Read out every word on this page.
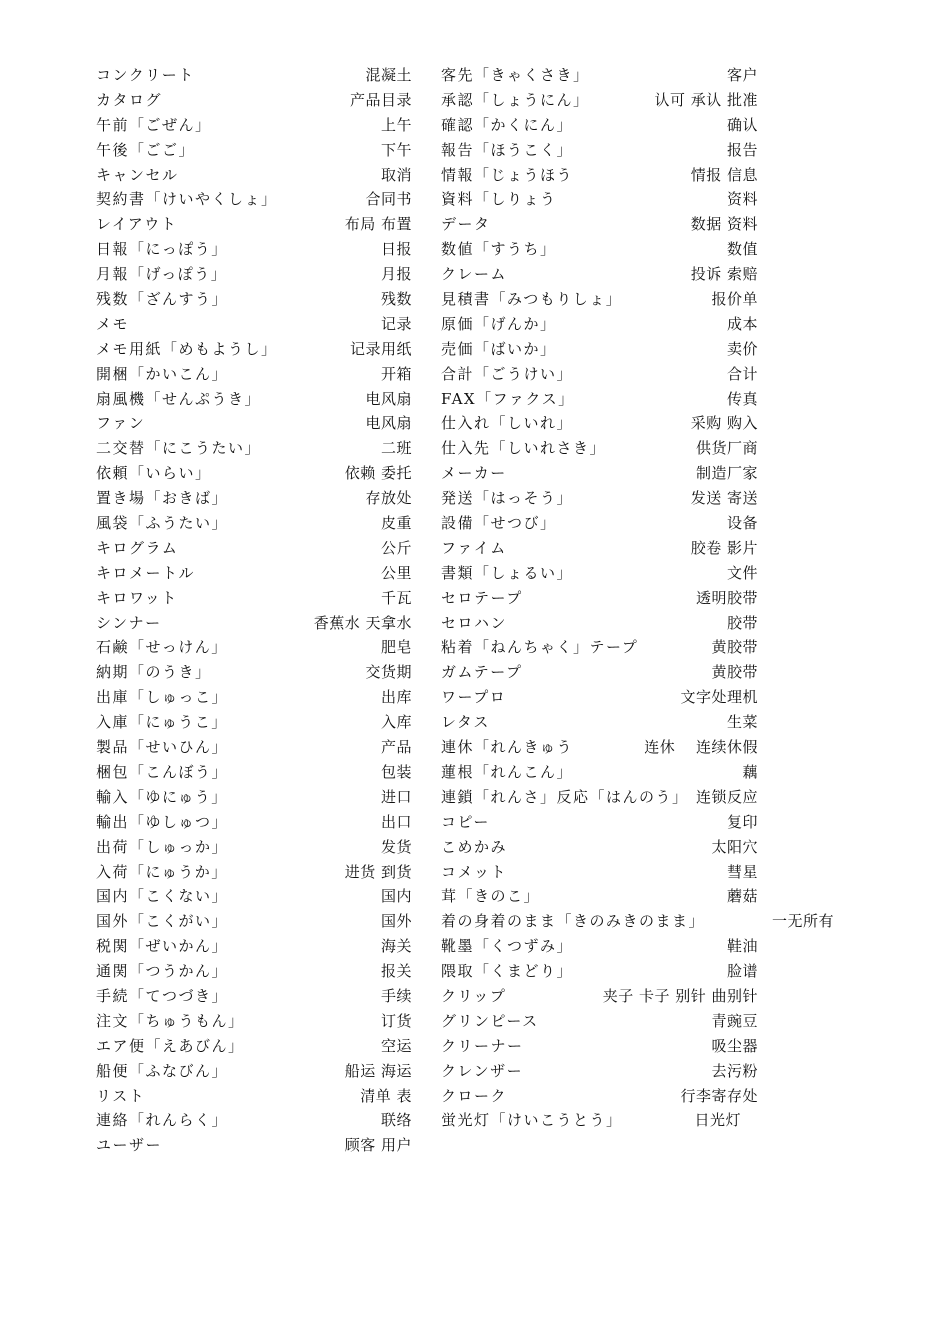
コンクリート	混凝土
カタログ	产品目录
午前「ごぜん」	上午
午後「ごご」	下午
キャンセル	取消
契約書「けいやくしょ」	合同书
レイアウト	布局 布置
日報「にっぽう」	日报
月報「げっぽう」	月报
残数「ざんすう」	残数
メモ	记录
メモ用紙「めもようし」	记录用纸
開梱「かいこん」	开箱
扇風機「せんぷうき」	电风扇
ファン	电风扇
二交替「にこうたい」	二班
依頼「いらい」	依赖 委托
置き場「おきば」	存放处
風袋「ふうたい」	皮重
キログラム	公斤
キロメートル	公里
キロワット	千瓦
シンナー	香蕉水 天拿水
石鹸「せっけん」	肥皂
納期「のうき」	交货期
出庫「しゅっこ」	出库
入庫「にゅうこ」	入库
製品「せいひん」	产品
梱包「こんぼう」	包装
輸入「ゆにゅう」	进口
輸出「ゆしゅつ」	出口
出荷「しゅっか」	发货
入荷「にゅうか」	进货 到货
国内「こくない」	国内
国外「こくがい」	国外
税関「ぜいかん」	海关
通関「つうかん」	报关
手続「てつづき」	手续
注文「ちゅうもん」	订货
エア便「えあびん」	空运
船便「ふなびん」	船运 海运
リスト	清单 表
連絡「れんらく」	联络
ユーザー	顾客 用户
客先「きゃくさき」	客户
承認「しょうにん」	认可 承认 批准
確認「かくにん」	确认
報告「ほうこく」	报告
情報「じょうほう	情报 信息
資料「しりょう	资料
データ	数据 资料
数値「すうち」	数值
クレーム	投诉 索赔
見積書「みつもりしょ」	报价单
原価「げんか」	成本
売価「ばいか」	卖价
合計「ごうけい」	合计
FAX「ファクス」	传真
仕入れ「しいれ」	采购 购入
仕入先「しいれさき」	供货厂商
メーカー	制造厂家
発送「はっそう」	发送 寄送
設備「せつび」	设备
ファイム	胶卷 影片
書類「しょるい」	文件
セロテープ	透明胶带
セロハン	胶带
粘着「ねんちゃく」テープ	黄胶带
ガムテープ	黄胶带
ワープロ	文字处理机
レタス	生菜
連休「れんきゅう	连休　 连续休假
蓮根「れんこん」	藕
連鎖「れんさ」反応「はんのう」 连锁反应
コピー	复印
こめかみ	太阳穴
コメット	彗星
茸「きのこ」	蘑菇
着の身着のまま「きのみきのまま」	一无所有
靴墨「くつずみ」	鞋油
隈取「くまどり」	脸谱
クリップ	夹子 卡子 别针 曲别针
グリンピース	青豌豆
クリーナー	吸尘器
クレンザー	去污粉
クローク	行李寄存处
蛍光灯「けいこうとう」	日光灯
